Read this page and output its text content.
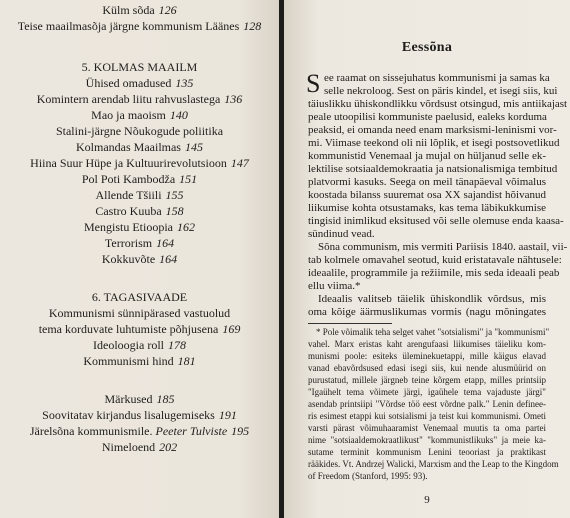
Külm sõda 126
Teise maailmasõja järgne kommunism Läänes 128
5. KOLMAS MAAILM
Ühised omadused 135
Komintern arendab liitu rahvuslastega 136
Mao ja maoism 140
Stalini-järgne Nõukogude poliitika
Kolmandas Maailmas 145
Hiina Suur Hüpe ja Kultuurirevolutsioon 147
Pol Poti Kambodža 151
Allende Tšiili 155
Castro Kuuba 158
Mengistu Etioopia 162
Terrorism 164
Kokkuvõte 164
6. TAGASIVAADE
Kommunismi sünnipärased vastuolud
tema korduvate luhtumiste põhjusena 169
Ideoloogia roll 178
Kommunismi hind 181
Märkused 185
Soovitatav kirjandus lisalugemiseks 191
Järelsõna kommunismile. Peeter Tulviste 195
Nimeloend 202
Eessõna
S ee raamat on sissejuhatus kommunismi ja samas ka
selle nekroloog. Sest on päris kindel, et isegi siis, kui
täiuslikku ühiskondlikku võrdsust otsingud, mis antiikajast
peale utoopilisi kommuniste paelusid, ealeks korduma
peaksid, ei omanda need enam marksismi-leninismi vor-
mi. Viimase teekond oli nii lõplik, et isegi postsovetlikud
kommunistid Venemaal ja mujal on hüljanud selle ek-
lektilise sotsiaaldemokraatia ja natsionalismiga tembitud
platvormi kasuks. Seega on meil tänapäeval võimalus
koostada bilanss suuremat osa XX sajandist hõivanud
liikumise kohta otsustamaks, kas tema läbikukkumise
tingisid inimlikud eksitused või selle olemuse enda kaasa-
sündinud vead.
Sõna communism, mis vermiti Pariisis 1840. aastail, vii-
tab kolmele omavahel seotud, kuid eristatavale nähtusele:
ideaalile, programmile ja režiimile, mis seda ideaali peab
ellu viima.*
Ideaalis valitseb täielik ühiskondlik võrdsus, mis
oma kõige äärmuslikumas vormis (nagu mõningates
* Pole võimalik teha selget vahet "sotsialismi" ja "kommunismi"
vahel. Marx eristas kaht arengufaasi liikumises täieliku kom-
munismi poole: esiteks üleminekuetappi, mille käigus elavad
vanad ebavõrdsused edasi isegi siis, kui nende alusmüürid on
purustatud, millele järgneb teine kõrgem etapp, milles printsiip
"Igaühelt tema võimete järgi, igaühele tema vajaduste järgi"
asendab printsiipi "Võrdse töö eest võrdne palk." Lenin definee-
ris esimest etappi kui sotsialismi ja teist kui kommunismi. Ometi
varsti pärast võimuhaaramist Venemaal muutis ta oma partei
nime "sotsiaaldemokraatlikust" "kommunistlikuks" ja meie ka-
sutame terminit kommunism Lenini teooriast ja praktikast
rääkides. Vt. Andrzej Walicki, Marxism and the Leap to the Kingdom
of Freedom (Stanford, 1995: 93).
9
